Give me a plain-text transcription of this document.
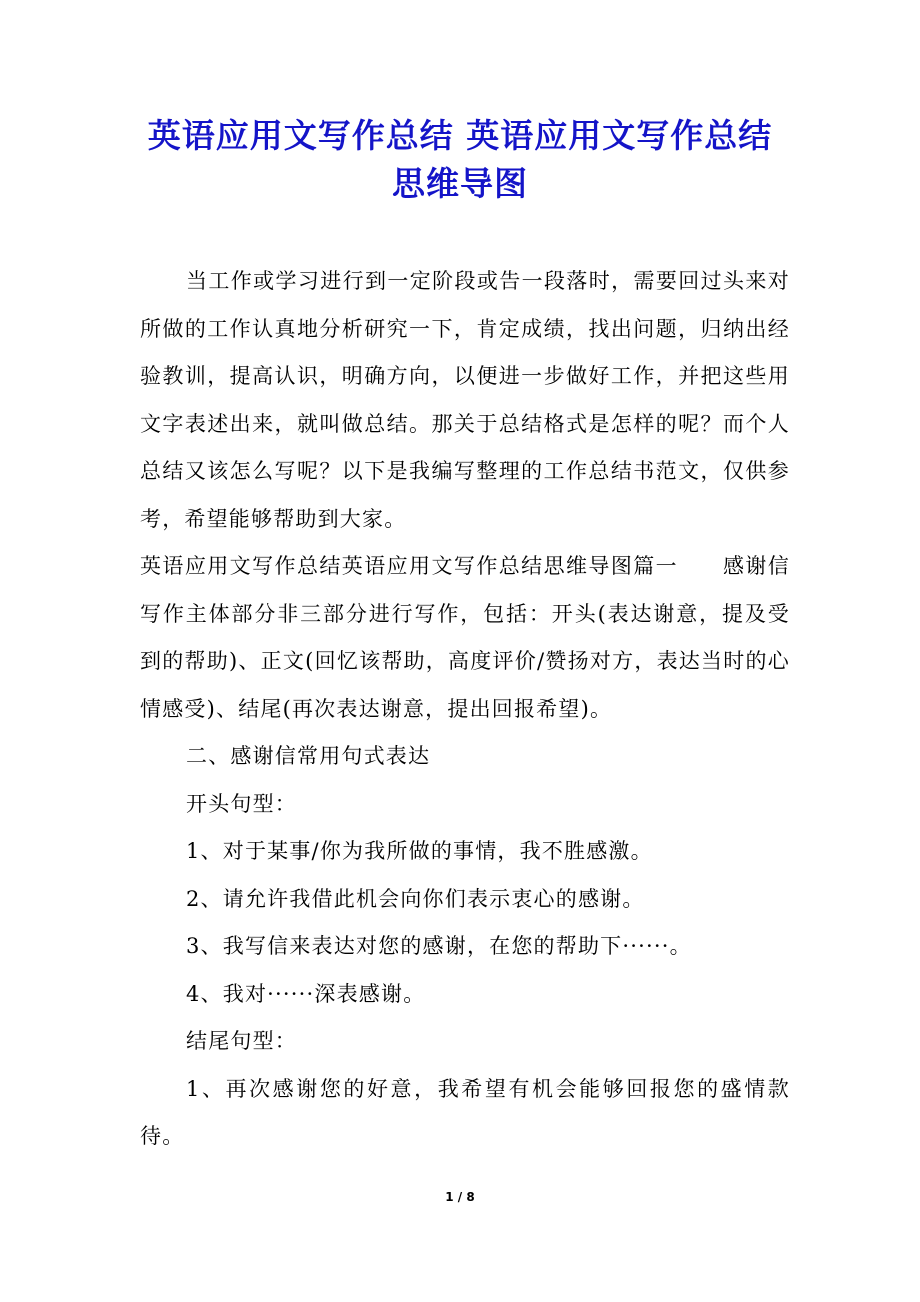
英语应用文写作总结 英语应用文写作总结
思维导图

当工作或学习进行到一定阶段或告一段落时，需要回过头来对所做的工作认真地分析研究一下，肯定成绩，找出问题，归纳出经验教训，提高认识，明确方向，以便进一步做好工作，并把这些用文字表述出来，就叫做总结。那关于总结格式是怎样的呢？而个人总结又该怎么写呢？以下是我编写整理的工作总结书范文，仅供参考，希望能够帮助到大家。

英语应用文写作总结英语应用文写作总结思维导图篇一　　感谢信写作主体部分非三部分进行写作，包括：开头(表达谢意，提及受到的帮助)、正文(回忆该帮助，高度评价/赞扬对方，表达当时的心情感受)、结尾(再次表达谢意，提出回报希望)。

二、感谢信常用句式表达

开头句型：

1、对于某事/你为我所做的事情，我不胜感激。

2、请允许我借此机会向你们表示衷心的感谢。

3、我写信来表达对您的感谢，在您的帮助下······。

4、我对······深表感谢。

结尾句型：

1、再次感谢您的好意，我希望有机会能够回报您的盛情款待。

1 / 8
